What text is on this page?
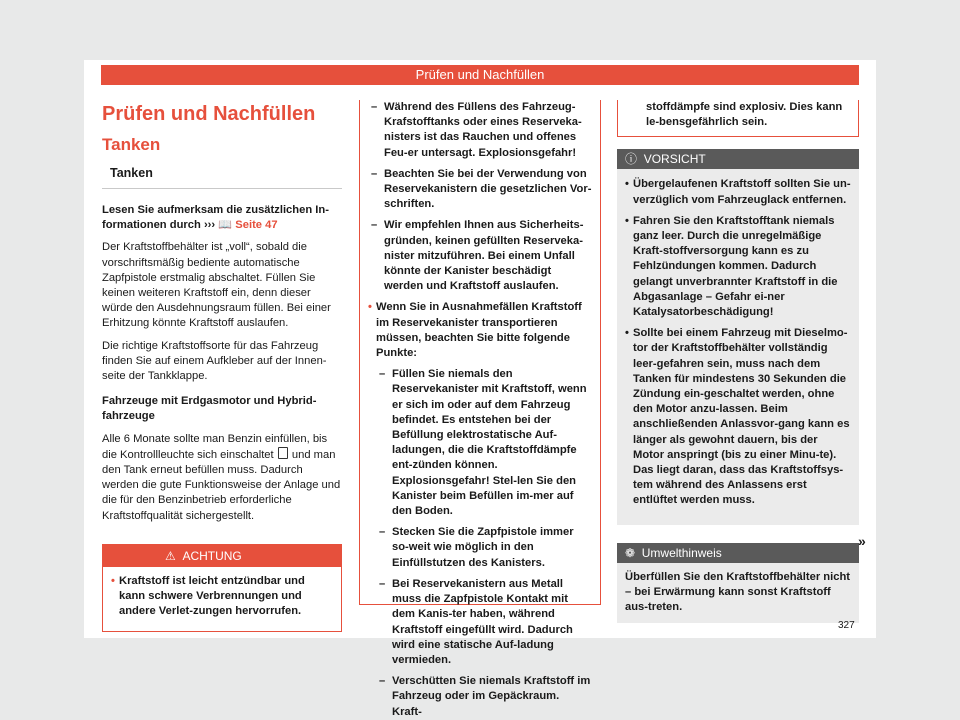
Prüfen und Nachfüllen
Prüfen und Nachfüllen
Tanken
Tanken

Lesen Sie aufmerksam die zusätzlichen In-formationen durch ››› 📖 Seite 47

Der Kraftstoffbehälter ist „voll“, sobald die vorschriftsmäßig bediente automatische Zapfpistole erstmalig abschaltet. Füllen Sie keinen weiteren Kraftstoff ein, denn dieser würde den Ausdehnungsraum füllen. Bei einer Erhitzung könnte Kraftstoff auslaufen.

Die richtige Kraftstoffsorte für das Fahrzeug finden Sie auf einem Aufkleber auf der Innen-seite der Tankklappe.

Fahrzeuge mit Erdgasmotor und Hybrid-fahrzeuge

Alle 6 Monate sollte man Benzin einfüllen, bis die Kontrollleuchte sich einschaltet und man den Tank erneut befüllen muss. Dadurch werden die gute Funktionsweise der Anlage und die für den Benzinbetrieb erforderliche Kraftstoffqualität sichergestellt.

⚠ ACHTUNG
• Kraftstoff ist leicht entzündbar und kann schwere Verbrennungen und andere Verlet-zungen hervorrufen.
– Während des Füllens des Fahrzeug-Krafstofftanks oder eines Reserveka-nisters ist das Rauchen und offenes Feu-er untersagt. Explosionsgefahr!
– Beachten Sie bei der Verwendung von Reservekanistern die gesetzlichen Vor-schriften.
– Wir empfehlen Ihnen aus Sicherheits-gründen, keinen gefüllten Reserveka-nister mitzuführen. Bei einem Unfall könnte der Kanister beschädigt werden und Kraftstoff auslaufen.
• Wenn Sie in Ausnahmefällen Kraftstoff im Reservekanister transportieren müssen, beachten Sie bitte folgende Punkte:
– Füllen Sie niemals den Reservekanister mit Kraftstoff, wenn er sich im oder auf dem Fahrzeug befindet. Es entstehen bei der Befüllung elektrostatische Auf-ladungen, die die Kraftstoffdämpfe ent-zünden können. Explosionsgefahr! Stel-len Sie den Kanister beim Befüllen im-mer auf den Boden.
– Stecken Sie die Zapfpistole immer so-weit wie möglich in den Einfüllstutzen des Kanisters.
– Bei Reservekanistern aus Metall muss die Zapfpistole Kontakt mit dem Kanis-ter haben, während Kraftstoff eingefüllt wird. Dadurch wird eine statische Auf-ladung vermieden.
– Verschütten Sie niemals Kraftstoff im Fahrzeug oder im Gepäckraum. Kraft-
stoffdämpfe sind explosiv. Dies kann le-bensgefährlich sein.
ⓘ VORSICHT

• Übergelaufenen Kraftstoff sollten Sie un-verzüglich vom Fahrzeuglack entfernen.

• Fahren Sie den Kraftstofftank niemals ganz leer. Durch die unregelmäßige Kraft-stoffversorgung kann es zu Fehlzündungen kommen. Dadurch gelangt unverbrannter Kraftstoff in die Abgasanlage – Gefahr ei-ner Katalysatorbeschädigung!

• Sollte bei einem Fahrzeug mit Dieselmo-tor der Kraftstoffbehälter vollständig leer-gefahren sein, muss nach dem Tanken für mindestens 30 Sekunden die Zündung ein-geschaltet werden, ohne den Motor anzu-lassen. Beim anschließenden Anlassvor-gang kann es länger als gewohnt dauern, bis der Motor anspringt (bis zu einer Minu-te). Das liegt daran, dass das Kraftstoffsys-tem während des Anlassens erst entlüftet werden muss.

❁ Umwelthinweis
Überfüllen Sie den Kraftstoffbehälter nicht – bei Erwärmung kann sonst Kraftstoff aus-treten.
»
327
